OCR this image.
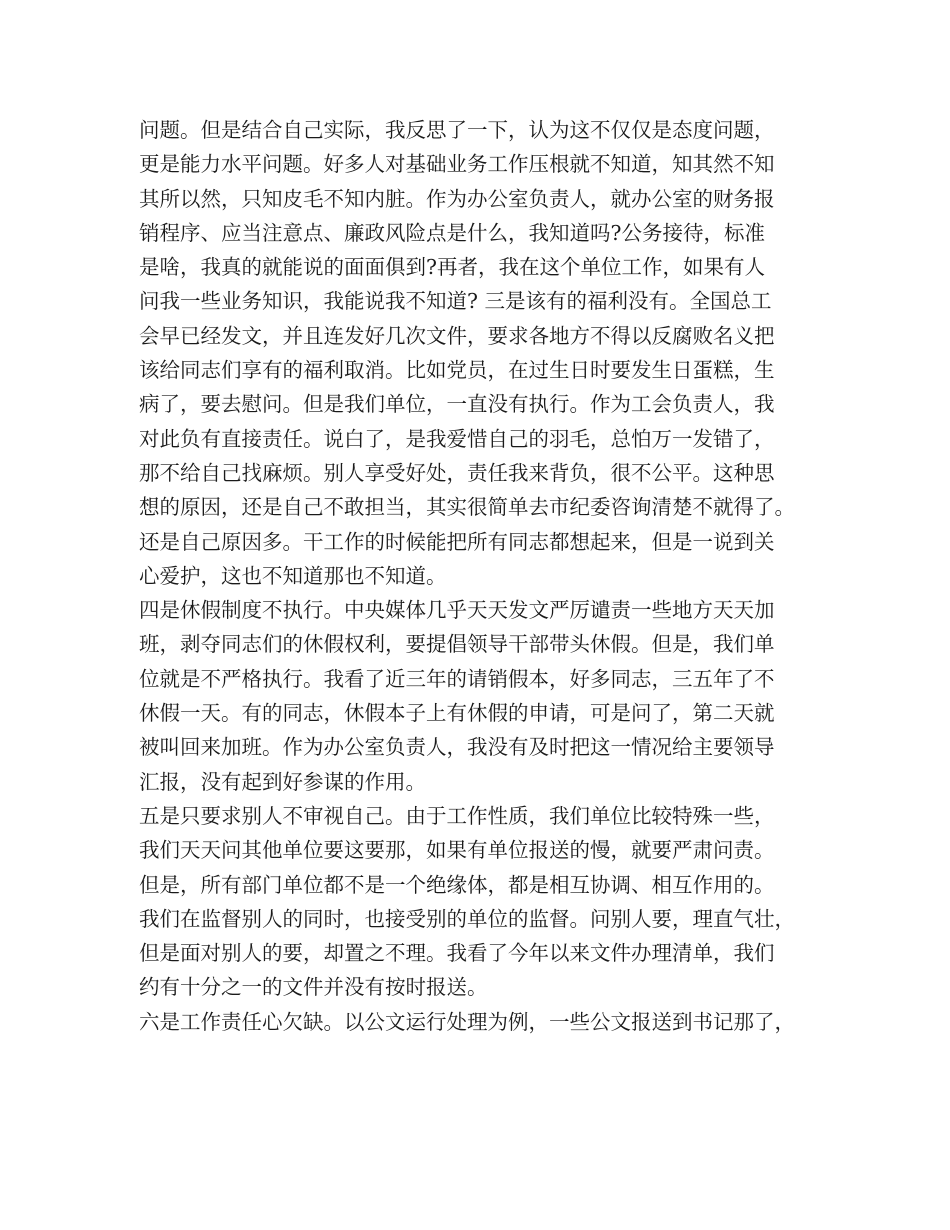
问题。但是结合自己实际，我反思了一下，认为这不仅仅是态度问题，
更是能力水平问题。好多人对基础业务工作压根就不知道，知其然不知
其所以然，只知皮毛不知内脏。作为办公室负责人，就办公室的财务报
销程序、应当注意点、廉政风险点是什么，我知道吗?公务接待，标准
是啥，我真的就能说的面面俱到?再者，我在这个单位工作，如果有人
问我一些业务知识，我能说我不知道? 三是该有的福利没有。全国总工
会早已经发文，并且连发好几次文件，要求各地方不得以反腐败名义把
该给同志们享有的福利取消。比如党员，在过生日时要发生日蛋糕，生
病了，要去慰问。但是我们单位，一直没有执行。作为工会负责人，我
对此负有直接责任。说白了，是我爱惜自己的羽毛，总怕万一发错了，
那不给自己找麻烦。别人享受好处，责任我来背负，很不公平。这种思
想的原因，还是自己不敢担当，其实很简单去市纪委咨询清楚不就得了。
还是自己原因多。干工作的时候能把所有同志都想起来，但是一说到关
心爱护，这也不知道那也不知道。
四是休假制度不执行。中央媒体几乎天天发文严厉谴责一些地方天天加
班，剥夺同志们的休假权利，要提倡领导干部带头休假。但是，我们单
位就是不严格执行。我看了近三年的请销假本，好多同志，三五年了不
休假一天。有的同志，休假本子上有休假的申请，可是问了，第二天就
被叫回来加班。作为办公室负责人，我没有及时把这一情况给主要领导
汇报，没有起到好参谋的作用。
五是只要求别人不审视自己。由于工作性质，我们单位比较特殊一些，
我们天天问其他单位要这要那，如果有单位报送的慢，就要严肃问责。
但是，所有部门单位都不是一个绝缘体，都是相互协调、相互作用的。
我们在监督别人的同时，也接受别的单位的监督。问别人要，理直气壮，
但是面对别人的要，却置之不理。我看了今年以来文件办理清单，我们
约有十分之一的文件并没有按时报送。
六是工作责任心欠缺。以公文运行处理为例，一些公文报送到书记那了，
